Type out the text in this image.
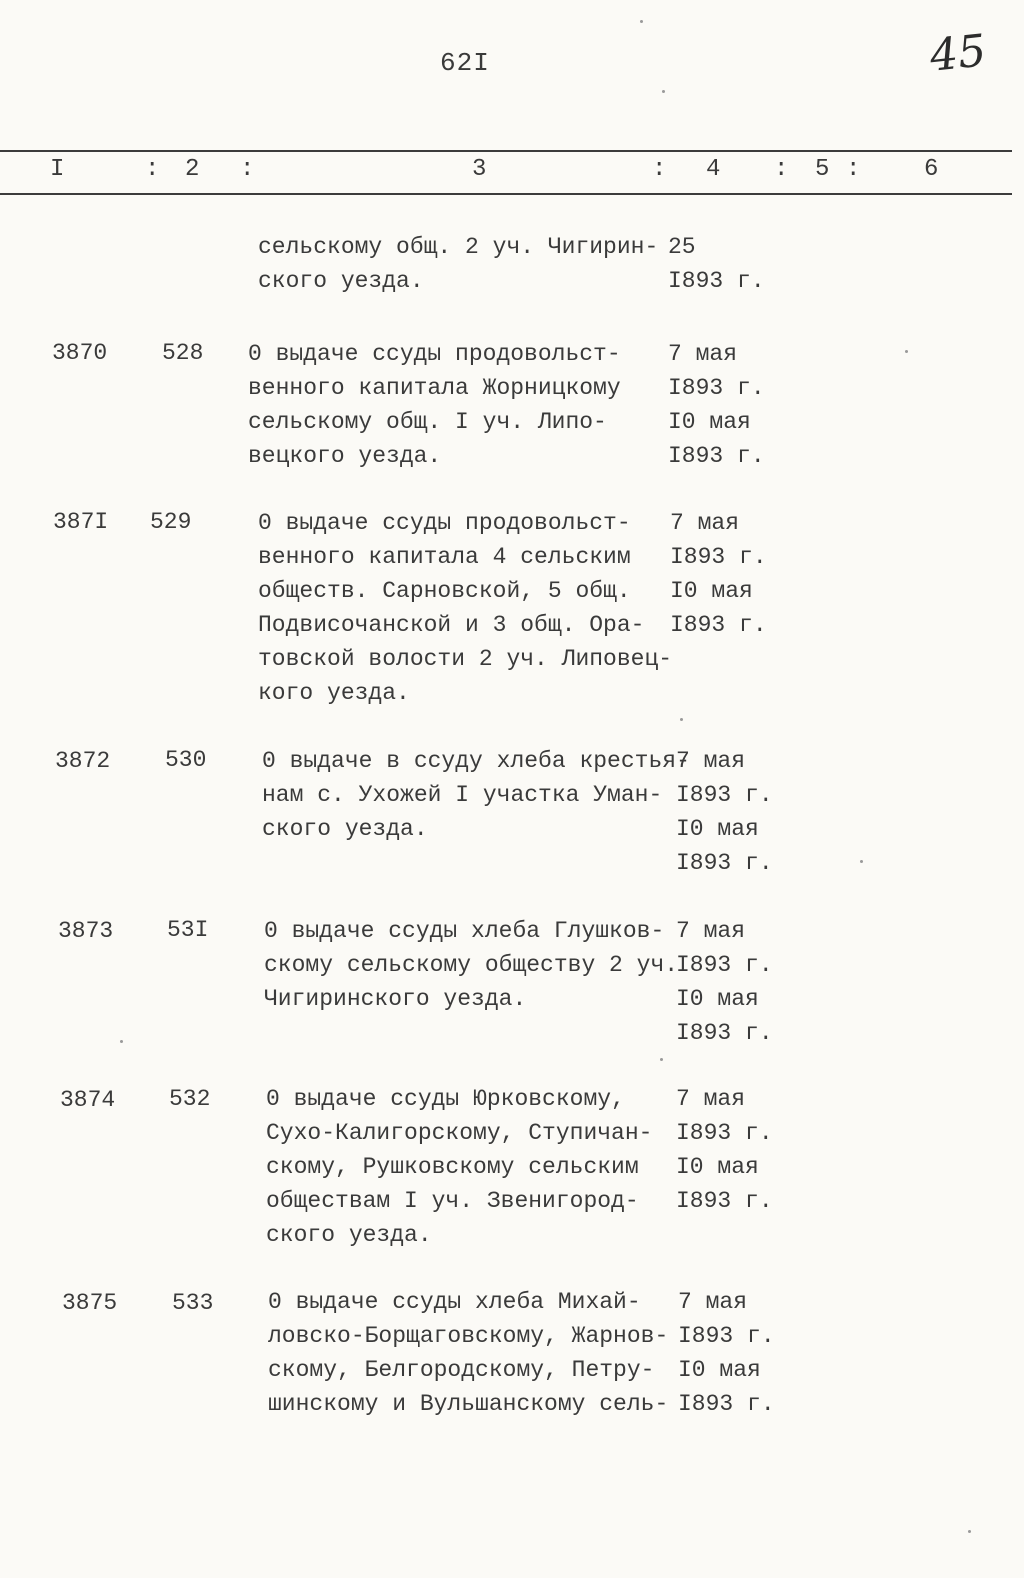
62I	45
I	: 2 :	3	: 4 : 5 :	6
сельскому общ. 2 уч. Чигирин-
ского уезда.
25
I893 г.
3870 528 0 выдаче ссуды продовольст-
венного капитала Жорницкому
сельскому общ. I уч. Липо-
вецкого уезда.
7 мая
I893 г.
I0 мая
I893 г.
387I 529	0 выдаче ссуды продовольст-
венного капитала 4 сельским
обществ. Сарновской, 5 общ.
Подвисочанской и 3 общ. Ора-
товской волости 2 уч. Липовец-
кого уезда.
7 мая
I893 г.
I0 мая
I893 г.
3872 530 0 выдаче в ссуду хлеба крестья-
нам с. Ухожей I участка Уман-
ского уезда.
7 мая
I893 г.
I0 мая
I893 г.
3873 53I 0 выдаче ссуды хлеба Глушков-
скому сельскому обществу 2 уч.
Чигиринского уезда.
7 мая
I893 г.
I0 мая
I893 г.
3874 532 0 выдаче ссуды Юрковскому,
Сухо-Калигорскому, Ступичан-
скому, Рушковскому сельским
обществам I уч. Звенигород-
ского уезда.
7 мая
I893 г.
I0 мая
I893 г.
3875 533 0 выдаче ссуды хлеба Михай-
ловско-Борщаговскому, Жарнов-
скому, Белгородскому, Петру-
шинскому и Вульшанскому сель-
7 мая
I893 г.
I0 мая
I893 г.
